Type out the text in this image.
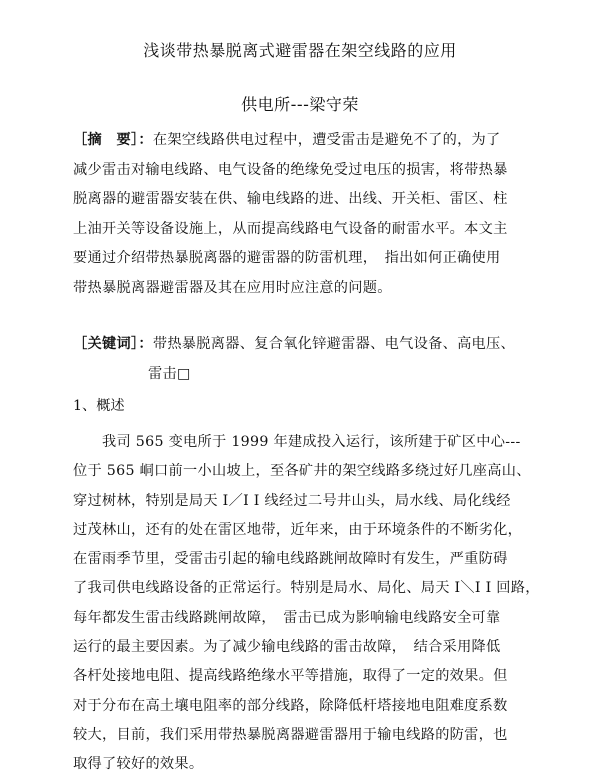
浅谈带热暴脱离式避雷器在架空线路的应用
供电所---梁守荣
［摘　要］：在架空线路供电过程中，遭受雷击是避免不了的，为了
减少雷击对输电线路、电气设备的绝缘免受过电压的损害，将带热暴
脱离器的避雷器安装在供、输电线路的进、出线、开关柜、雷区、柱
上油开关等设备设施上，从而提高线路电气设备的耐雷水平。本文主
要通过介绍带热暴脱离器的避雷器的防雷机理，　指出如何正确使用
带热暴脱离器避雷器及其在应用时应注意的问题。
［关键词］：带热暴脱离器、复合氧化锌避雷器、电气设备、高电压、
雷击□
1、概述
我司 565 变电所于 1999 年建成投入运行，该所建于矿区中心---
位于 565 峒口前一小山坡上，至各矿井的架空线路多绕过好几座高山、
穿过树林，特别是局天 I／I I 线经过二号井山头，局水线、局化线经
过茂林山，还有的处在雷区地带，近年来，由于环境条件的不断劣化，
在雷雨季节里，受雷击引起的输电线路跳闸故障时有发生，严重防碍
了我司供电线路设备的正常运行。特别是局水、局化、局天 I＼I I 回路，
每年都发生雷击线路跳闸故障，　雷击已成为影响输电线路安全可靠
运行的最主要因素。为了减少输电线路的雷击故障，　结合采用降低
各杆处接地电阻、提高线路绝缘水平等措施，取得了一定的效果。但
对于分布在高土壤电阻率的部分线路，除降低杆塔接地电阻难度系数
较大，目前，我们采用带热暴脱离器避雷器用于输电线路的防雷，也
取得了较好的效果。
